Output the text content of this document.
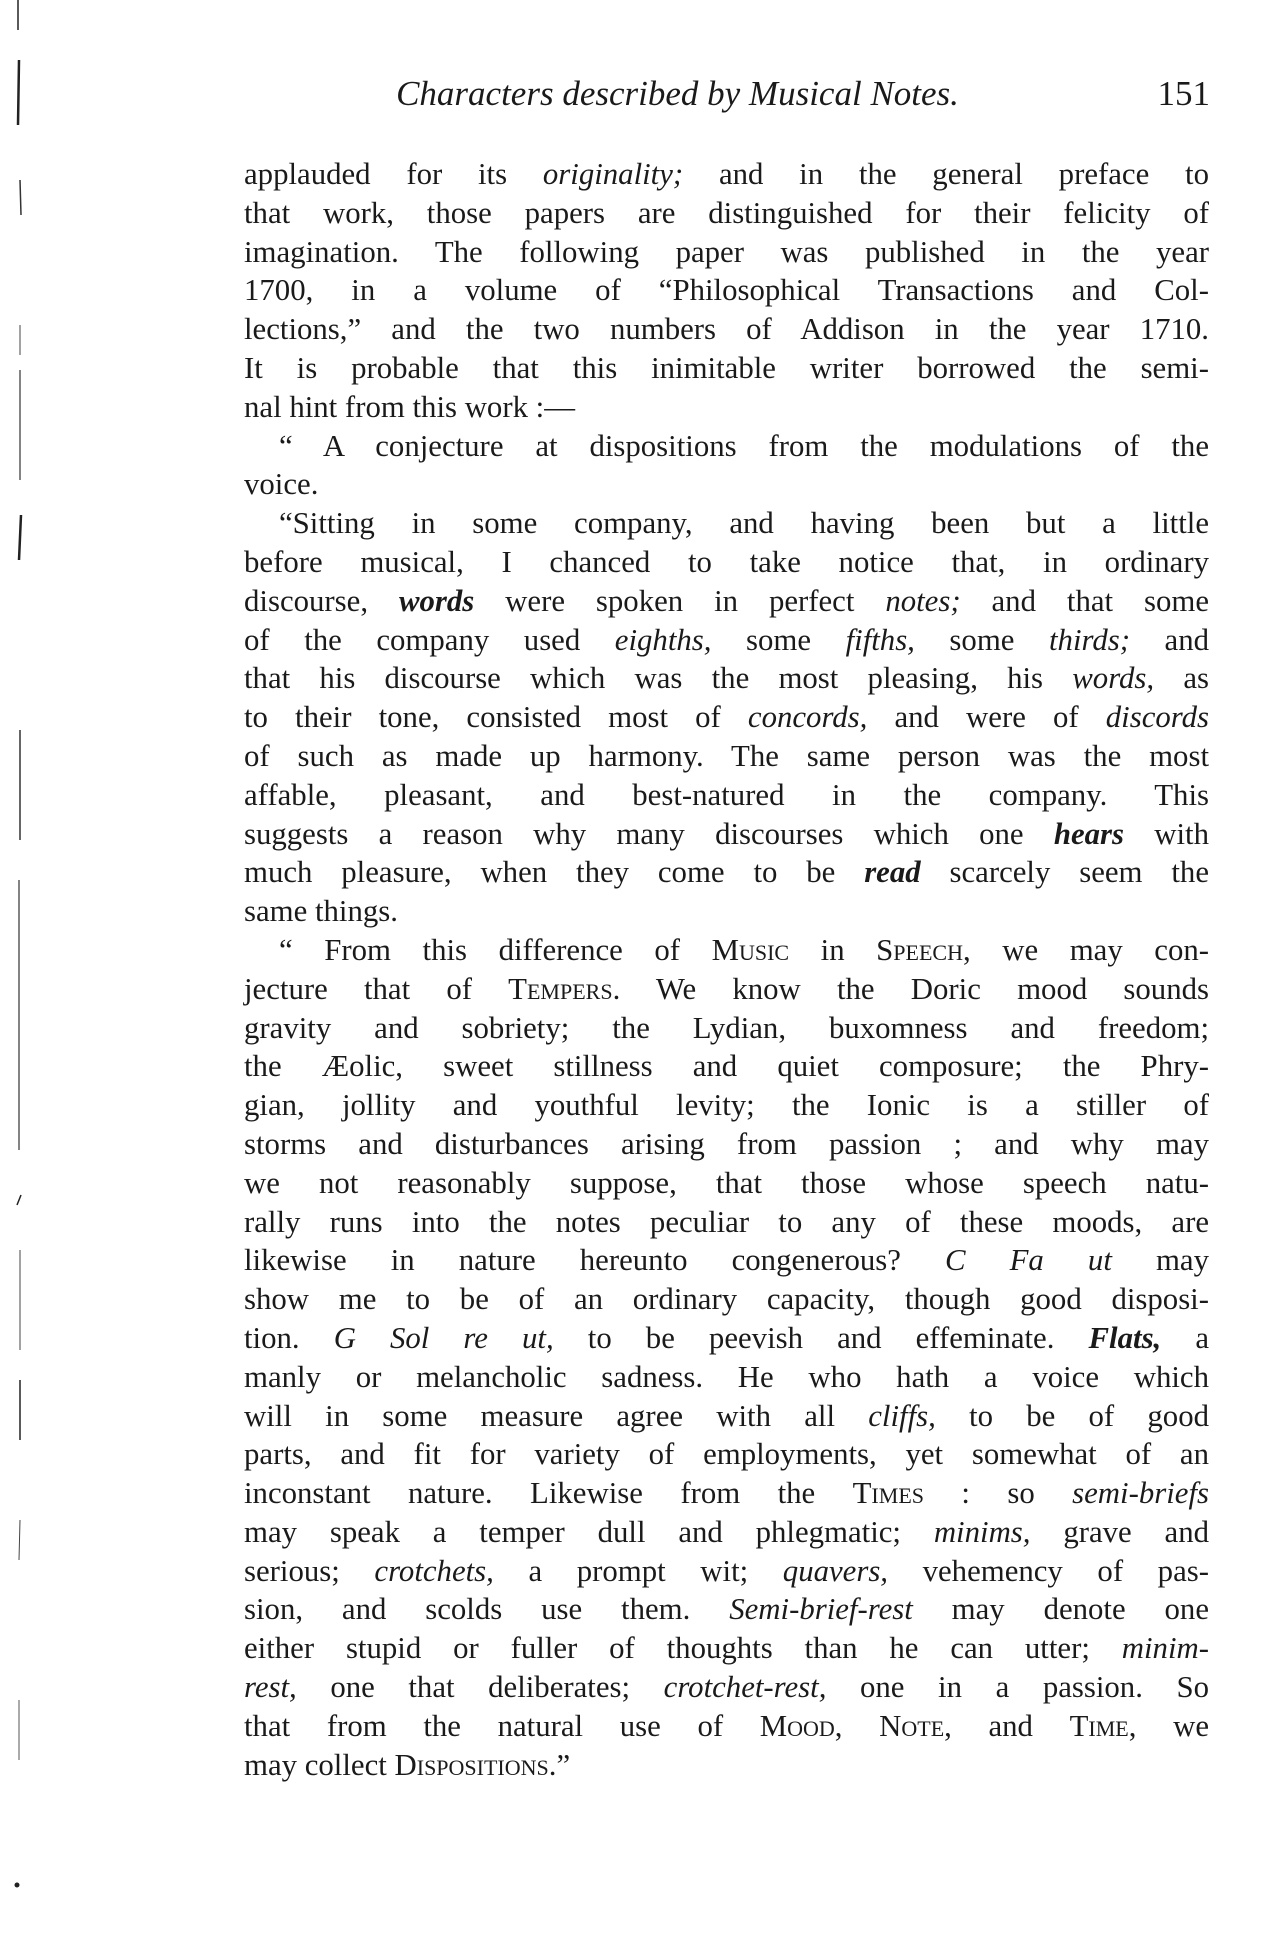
Characters described by Musical Notes.	151
applauded for its originality; and in the general preface to
that work, those papers are distinguished for their felicity of
imagination. The following paper was published in the year
1700, in a volume of “Philosophical Transactions and Col-
lections,” and the two numbers of Addison in the year 1710.
It is probable that this inimitable writer borrowed the semi-
nal hint from this work :—
“ A conjecture at dispositions from the modulations of the
voice.
“Sitting in some company, and having been but a little
before musical, I chanced to take notice that, in ordinary
discourse, words were spoken in perfect notes; and that some
of the company used eighths, some fifths, some thirds; and
that his discourse which was the most pleasing, his words, as
to their tone, consisted most of concords, and were of discords
of such as made up harmony. The same person was the most
affable, pleasant, and best-natured in the company. This
suggests a reason why many discourses which one hears with
much pleasure, when they come to be read scarcely seem the
same things.
“ From this difference of Music in Speech, we may con-
jecture that of Tempers. We know the Doric mood sounds
gravity and sobriety; the Lydian, buxomness and freedom;
the Æolic, sweet stillness and quiet composure; the Phry-
gian, jollity and youthful levity; the Ionic is a stiller of
storms and disturbances arising from passion ; and why may
we not reasonably suppose, that those whose speech natu-
rally runs into the notes peculiar to any of these moods, are
likewise in nature hereunto congenerous? C Fa ut may
show me to be of an ordinary capacity, though good disposi-
tion. G Sol re ut, to be peevish and effeminate. Flats, a
manly or melancholic sadness. He who hath a voice which
will in some measure agree with all cliffs, to be of good
parts, and fit for variety of employments, yet somewhat of an
inconstant nature. Likewise from the Times : so semi-briefs
may speak a temper dull and phlegmatic; minims, grave and
serious; crotchets, a prompt wit; quavers, vehemency of pas-
sion, and scolds use them. Semi-brief-rest may denote one
either stupid or fuller of thoughts than he can utter; minim-
rest, one that deliberates; crotchet-rest, one in a passion. So
that from the natural use of Mood, Note, and Time, we
may collect Dispositions.”
